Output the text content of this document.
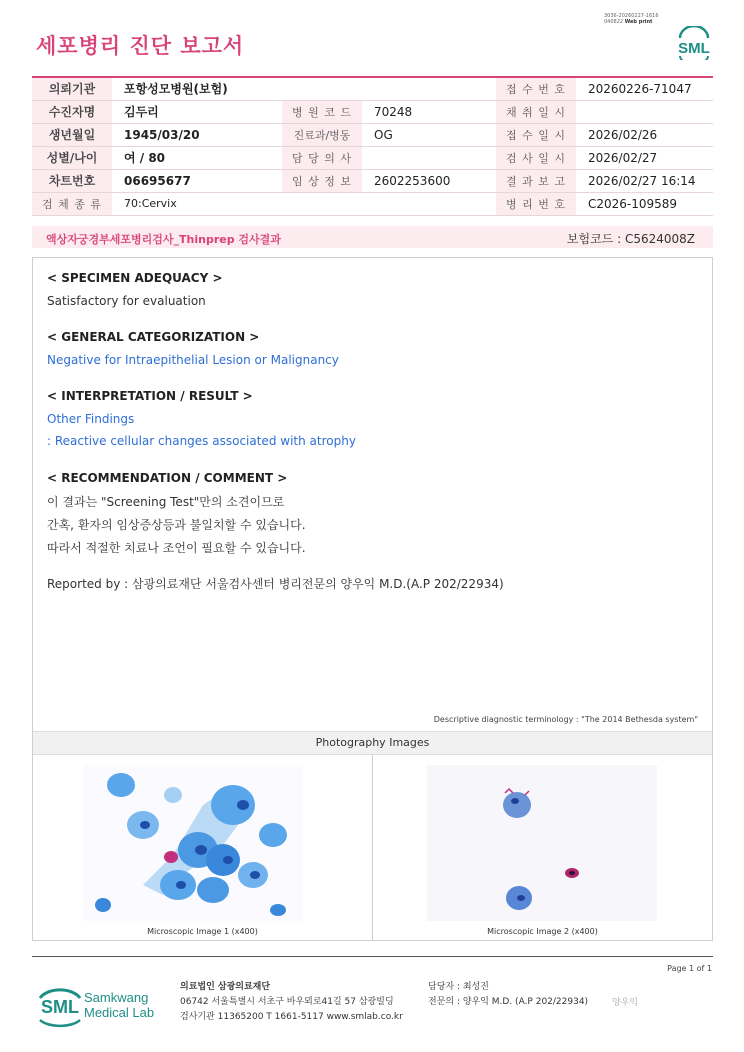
3036-20260227-1616
040822 Web print
세포병리 진단 보고서	SML
의뢰기관	포항성모병원(보험)			접 수 번 호	20260226-71047
수진자명	김두리	병 원 코 드	70248	채 취 일 시	
생년월일	1945/03/20	진료과/병동	OG	접 수 일 시	2026/02/26
성별/나이	여 / 80	담 당 의 사		검 사 일 시	2026/02/27
차트번호	06695677	임 상 정 보	2602253600	결 과 보 고	2026/02/27 16:14
검 체 종 류	70:Cervix			병 리 번 호	C2026-109589
액상자궁경부세포병리검사_Thinprep 검사결과	보험코드 : C5624008Z
< SPECIMEN ADEQUACY >
Satisfactory for evaluation
< GENERAL CATEGORIZATION >
Negative for Intraepithelial Lesion or Malignancy
< INTERPRETATION / RESULT >
Other Findings
: Reactive cellular changes associated with atrophy
< RECOMMENDATION / COMMENT >
이 결과는 "Screening Test"만의 소견이므로
간혹, 환자의 임상증상등과 불일치할 수 있습니다.
따라서 적절한 치료나 조언이 필요할 수 있습니다.
Reported by : 삼광의료재단 서울검사센터 병리전문의 양우익 M.D.(A.P 202/22934)
Descriptive diagnostic terminology : "The 2014 Bethesda system"
Photography Images
Microscopic Image 1 (x400)	Microscopic Image 2 (x400)
Page 1 of 1
SML Samkwang
Medical Lab
의료법인 삼광의료재단
06742 서울특별시 서초구 바우뫼로41길 57 삼광빌딩
검사기관 11365200 T 1661-5117 www.smlab.co.kr
담당자 : 최성진
전문의 : 양우익 M.D. (A.P 202/22934)	양우익
